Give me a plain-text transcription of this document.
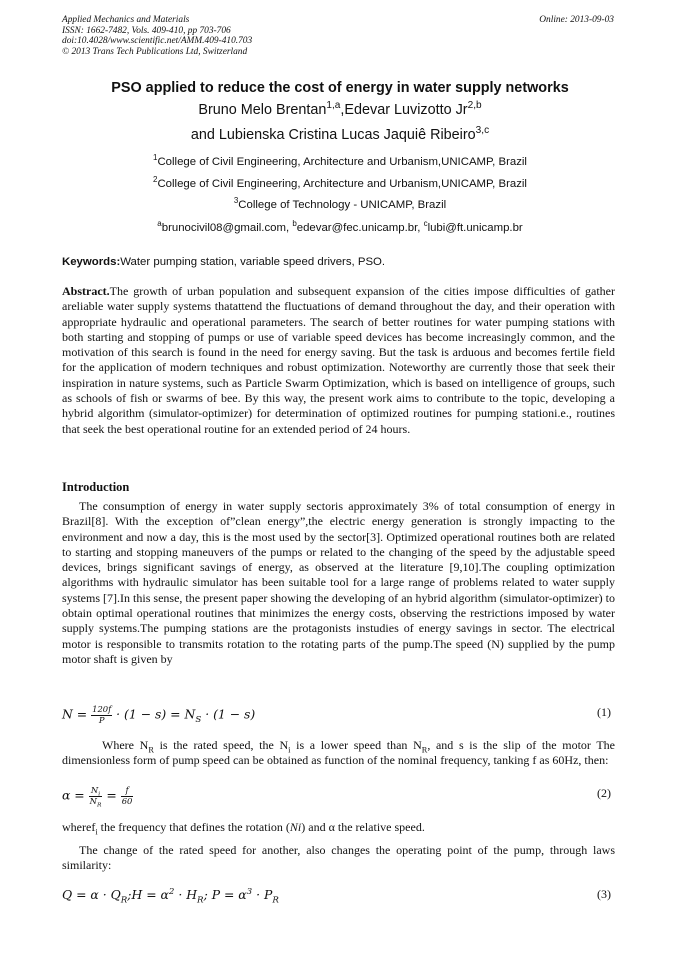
Applied Mechanics and Materials
ISSN: 1662-7482, Vols. 409-410, pp 703-706
doi:10.4028/www.scientific.net/AMM.409-410.703
© 2013 Trans Tech Publications Ltd, Switzerland
Online: 2013-09-03
PSO applied to reduce the cost of energy in water supply networks
Bruno Melo Brentan$^{1,a}$,Edevar Luvizotto Jr$^{2,b}$
and Lubienska Cristina Lucas Jaquiê Ribeiro$^{3,c}$
$^1$College of Civil Engineering, Architecture and Urbanism,UNICAMP, Brazil
$^2$College of Civil Engineering, Architecture and Urbanism,UNICAMP, Brazil
$^3$College of Technology - UNICAMP, Brazil
$^a$brunocivil08@gmail.com, $^b$edevar@fec.unicamp.br, $^c$lubi@ft.unicamp.br
Keywords:Water pumping station, variable speed drivers, PSO.
Abstract.The growth of urban population and subsequent expansion of the cities impose difficulties of gather areliable water supply systems thatattend the fluctuations of demand throughout the day, and their operation with appropriate hydraulic and operational parameters. The search of better routines for water pumping stations with both starting and stopping of pumps or use of variable speed devices has become increasingly common, and the motivation of this search is found in the need for energy saving. But the task is arduous and becomes fertile field for the application of modern techniques and robust optimization. Noteworthy are currently those that seek their inspiration in nature systems, such as Particle Swarm Optimization, which is based on intelligence of groups, such as schools of fish or swarms of bee. By this way, the present work aims to contribute to the topic, developing a hybrid algorithm (simulator-optimizer) for determination of optimized routines for pumping stationi.e., routines that seek the best operational routine for an extended period of 24 hours.
Introduction
The consumption of energy in water supply sectoris approximately 3% of total consumption of energy in Brazil[8]. With the exception of”clean energy”,the electric energy generation is strongly impacting to the environment and now a day, this is the most used by the sector[3]. Optimized operational routines both are related to starting and stopping maneuvers of the pumps or related to the changing of the speed by the adjustable speed devices, brings significant savings of energy, as observed at the literature [9,10].The coupling optimization algorithms with hydraulic simulator has been suitable tool for a large range of problems related to water supply systems [7].In this sense, the present paper showing the developing of an hybrid algorithm (simulator-optimizer) to obtain optimal operational routines that minimizes the energy costs, observing the restrictions imposed by water supply systems.The pumping stations are the protagonists instudies of energy savings in sector. The electrical motor is responsible to transmits rotation to the rotating parts of the pump.The speed (N) supplied by the pump motor shaft is given by
$N = \frac{120f}{P} \cdot (1 - s) = N_S \cdot (1 - s)$	(1)
Where $N_R$ is the rated speed, the $N_i$ is a lower speed than $N_R$, and s is the slip of the motor The dimensionless form of pump speed can be obtained as function of the nominal frequency, tanking f as 60Hz, then:
$\alpha = \frac{N_i}{N_R} = \frac{f}{60}$	(2)
wheref$_i$ the frequency that defines the rotation (Ni) and α the relative speed.
The change of the rated speed for another, also changes the operating point of the pump, through laws similarity:
$Q = \alpha \cdot Q_R;H = \alpha^2 \cdot H_R$; $P = \alpha^3 \cdot P_R$	(3)
